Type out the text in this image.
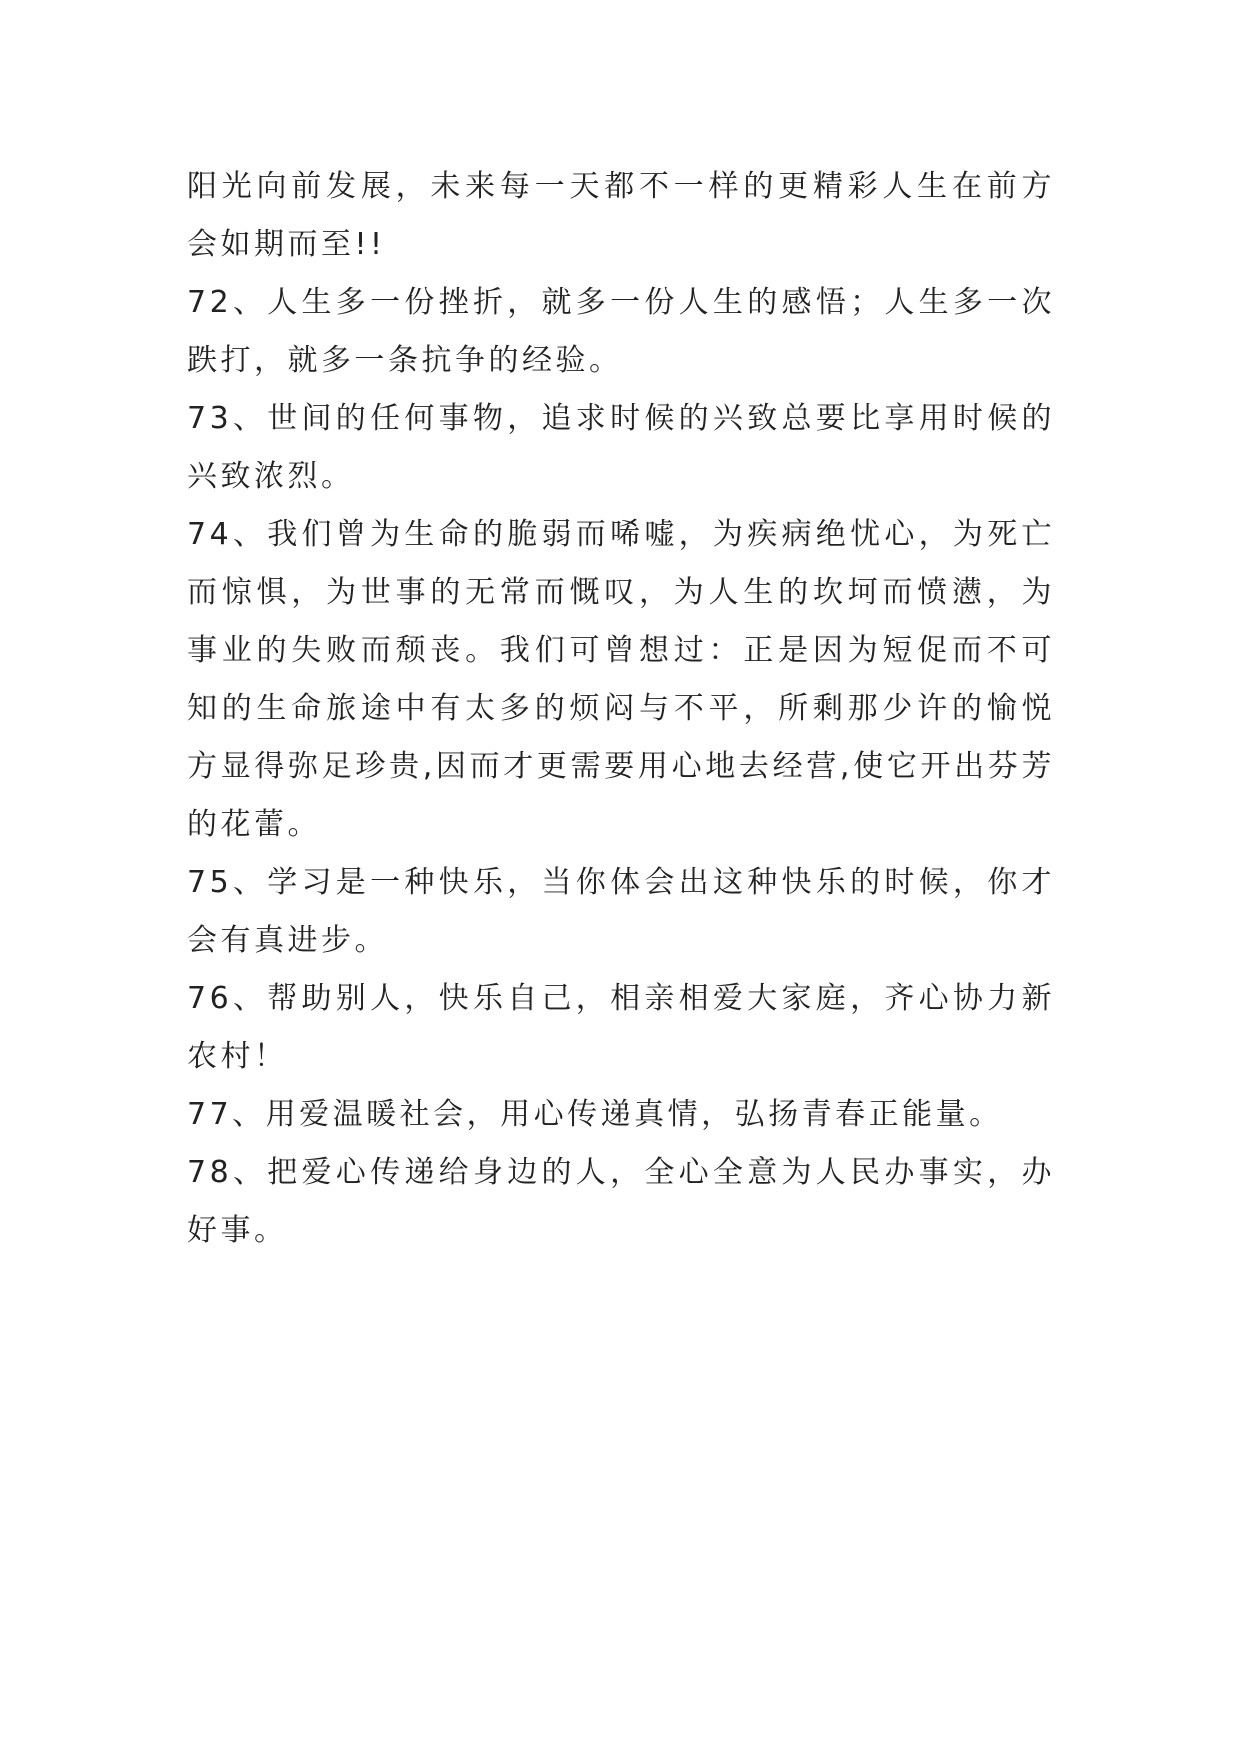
阳光向前发展，未来每一天都不一样的更精彩人生在前方会如期而至!!

72、人生多一份挫折，就多一份人生的感悟；人生多一次跌打，就多一条抗争的经验。

73、世间的任何事物，追求时候的兴致总要比享用时候的兴致浓烈。

74、我们曾为生命的脆弱而唏嘘，为疾病绝忧心，为死亡而惊惧，为世事的无常而慨叹，为人生的坎坷而愤懑，为事业的失败而颓丧。我们可曾想过：正是因为短促而不可知的生命旅途中有太多的烦闷与不平，所剩那少许的愉悦方显得弥足珍贵,因而才更需要用心地去经营,使它开出芬芳的花蕾。

75、学习是一种快乐，当你体会出这种快乐的时候，你才会有真进步。

76、帮助别人，快乐自己，相亲相爱大家庭，齐心协力新农村！

77、用爱温暖社会，用心传递真情，弘扬青春正能量。

78、把爱心传递给身边的人，全心全意为人民办事实，办好事。
